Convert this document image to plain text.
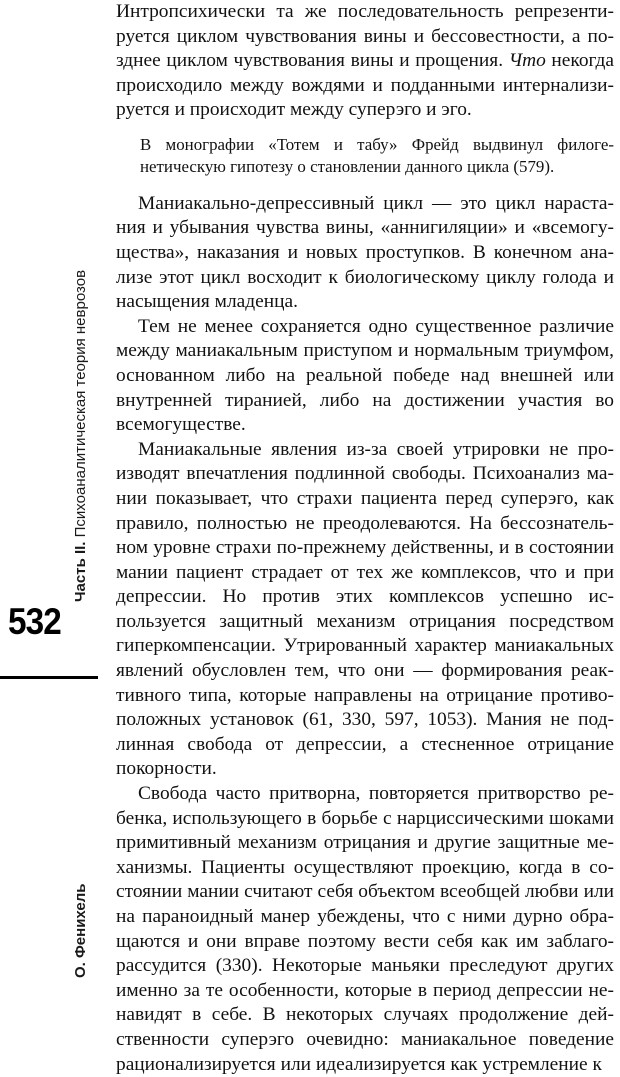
Часть II. Психоаналитическая теория неврозов
532
О. Фенихель

Интропсихически та же последовательность репрезентируется циклом чувствования вины и бессовестности, а позднее циклом чувствования вины и прощения. Что некогда происходило между вождями и подданными интернализируется и происходит между суперэго и эго.

В монографии «Тотем и табу» Фрейд выдвинул филогенетическую гипотезу о становлении данного цикла (579).

Маниакально-депрессивный цикл — это цикл нарастания и убывания чувства вины, «аннигиляции» и «всемогущества», наказания и новых проступков. В конечном анализе этот цикл восходит к биологическому циклу голода и насыщения младенца.

Тем не менее сохраняется одно существенное различие между маниакальным приступом и нормальным триумфом, основанном либо на реальной победе над внешней или внутренней тиранией, либо на достижении участия во всемогуществе.

Маниакальные явления из-за своей утрировки не производят впечатления подлинной свободы. Психоанализ мании показывает, что страхи пациента перед суперэго, как правило, полностью не преодолеваются. На бессознательном уровне страхи по-прежнему действенны, и в состоянии мании пациент страдает от тех же комплексов, что и при депрессии. Но против этих комплексов успешно используется защитный механизм отрицания посредством гиперкомпенсации. Утрированный характер маниакальных явлений обусловлен тем, что они — формирования реактивного типа, которые направлены на отрицание противоположных установок (61, 330, 597, 1053). Мания не подлинная свобода от депрессии, а стесненное отрицание покорности.

Свобода часто притворна, повторяется притворство ребенка, использующего в борьбе с нарциссическими шоками примитивный механизм отрицания и другие защитные механизмы. Пациенты осуществляют проекцию, когда в состоянии мании считают себя объектом всеобщей любви или на параноидный манер убеждены, что с ними дурно обращаются и они вправе поэтому вести себя как им заблагорассудится (330). Некоторые маньяки преследуют других именно за те особенности, которые в период депрессии ненавидят в себе. В некоторых случаях продолжение действенности суперэго очевидно: маниакальное поведение рационализируется или идеализируется как устремление к
